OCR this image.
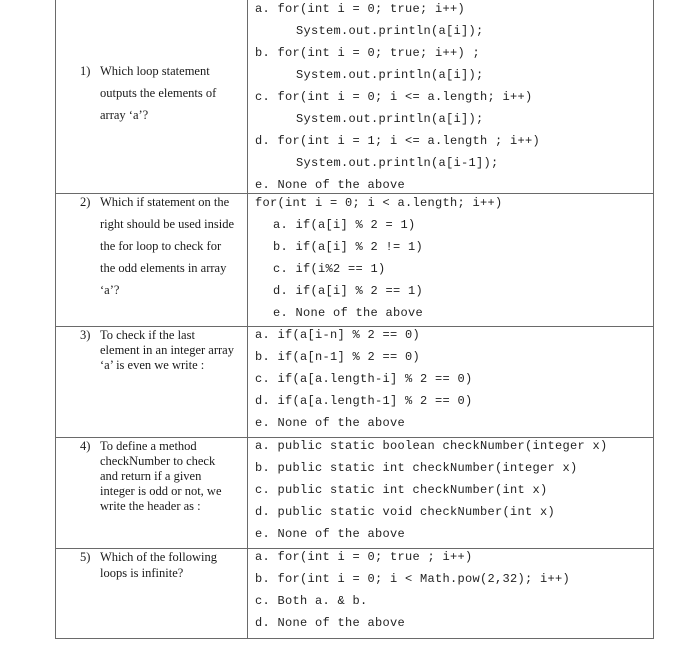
1) Which loop statement
outputs the elements of
array ‘a’?
a. for(int i = 0; true; i++)
System.out.println(a[i]);
b. for(int i = 0; true; i++) ;
System.out.println(a[i]);
c. for(int i = 0; i <= a.length; i++)
System.out.println(a[i]);
d. for(int i = 1; i <= a.length ; i++)
System.out.println(a[i-1]);
e. None of the above
2) Which if statement on the
right should be used inside
the for loop to check for
the odd elements in array
‘a’?
for(int i = 0; i < a.length; i++)
a. if(a[i] % 2 = 1)
b. if(a[i] % 2 != 1)
c. if(i%2 == 1)
d. if(a[i] % 2 == 1)
e. None of the above
3) To check if the last
element in an integer array
‘a’ is even we write :
a. if(a[i-n] % 2 == 0)
b. if(a[n-1] % 2 == 0)
c. if(a[a.length-i] % 2 == 0)
d. if(a[a.length-1] % 2 == 0)
e. None of the above
4) To define a method
checkNumber to check
and return if a given
integer is odd or not, we
write the header as :
a. public static boolean checkNumber(integer x)
b. public static int checkNumber(integer x)
c. public static int checkNumber(int x)
d. public static void checkNumber(int x)
e. None of the above
5) Which of the following
loops is infinite?
a. for(int i = 0; true ; i++)
b. for(int i = 0; i < Math.pow(2,32); i++)
c. Both a. & b.
d. None of the above
